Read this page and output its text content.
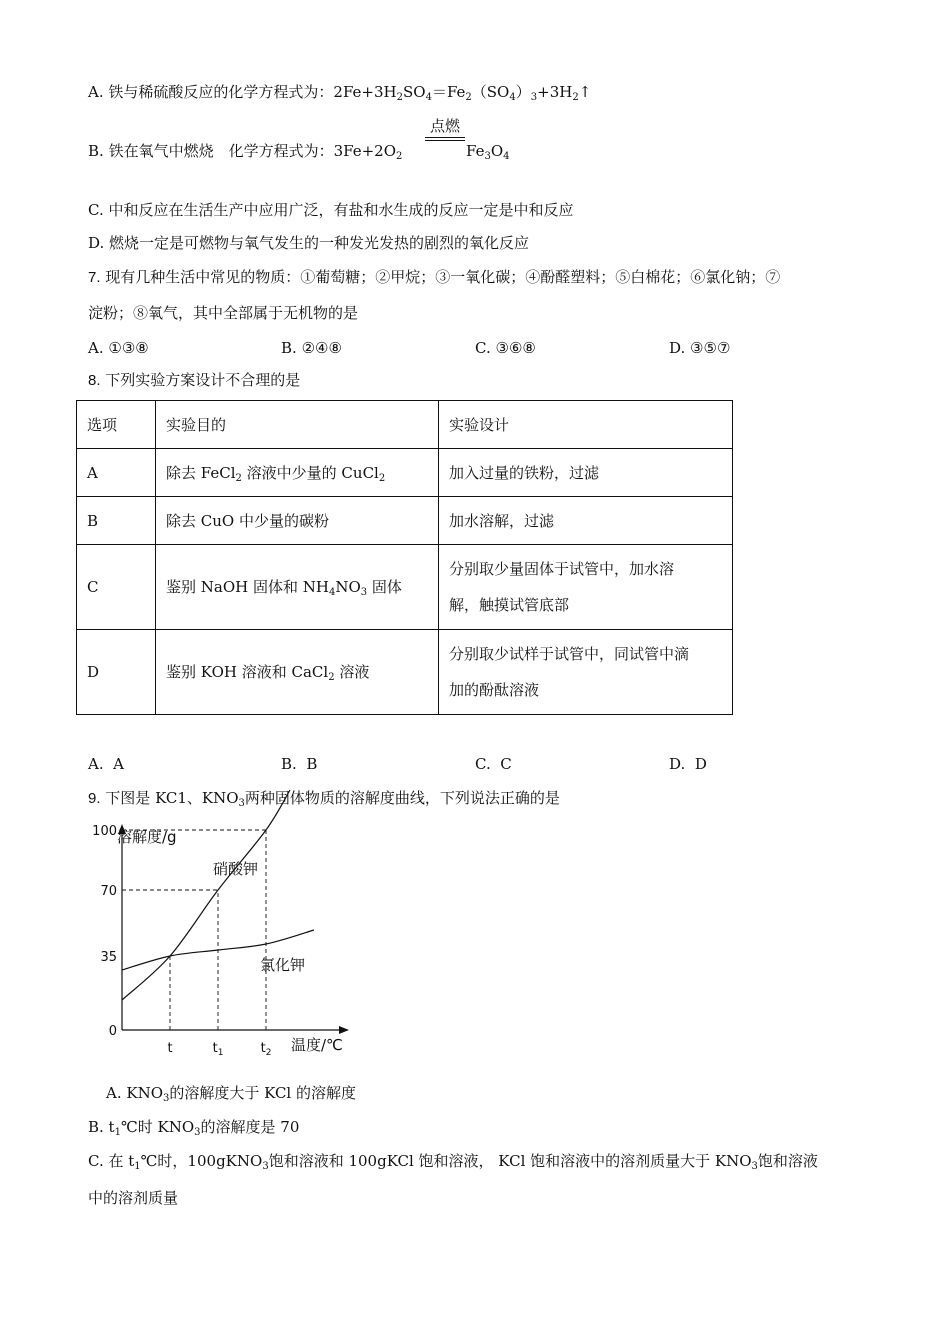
A. 铁与稀硫酸反应的化学方程式为：$2Fe+3H_2SO_4=Fe_2(SO_4)_3+3H_2↑$
B. 铁在氧气中燃烧　化学方程式为：$3Fe+2O_2$
点燃
$Fe_3O_4$
C. 中和反应在生活生产中应用广泛，有盐和水生成的反应一定是中和反应
D. 燃烧一定是可燃物与氧气发生的一种发光发热的剧烈的氧化反应
7. 现有几种生活中常见的物质：①葡萄糖；②甲烷；③一氧化碳；④酚醛塑料；⑤白棉花；⑥氯化钠；⑦
淀粉；⑧氧气，其中全部属于无机物的是
A. ①③⑧	B. ②④⑧	C. ③⑥⑧	D. ③⑤⑦
8. 下列实验方案设计不合理的是
选项	实验目的	实验设计
A	除去 FeCl$_2$ 溶液中少量的 CuCl$_2$	加入过量的铁粉，过滤
B	除去 CuO 中少量的碳粉	加水溶解，过滤
C	鉴别 NaOH 固体和 $NH_4NO_3$ 固体	分别取少量固体于试管中，加水溶
解，触摸试管底部
D	鉴别 KOH 溶液和 CaCl$_2$ 溶液	分别取少试样于试管中，同试管中滴
加的酚酞溶液
A. A	B. B	C. C	D. D
9. 下图是 KC1、$KNO_3$两种固体物质的溶解度曲线，下列说法正确的是
100
70
35
0
t	$t_1$	$t_2$
溶解度/g
温度/℃
硝酸钾
氯化钾
A. $KNO_3$的溶解度大于 KCl 的溶解度
B. $t_1℃$时 $KNO_3$的溶解度是 70
C. 在 $t_1℃$时，100gKNO$_3$饱和溶液和 100gKCl 饱和溶液， KCl 饱和溶液中的溶剂质量大于 $KNO_3$饱和溶液
中的溶剂质量
